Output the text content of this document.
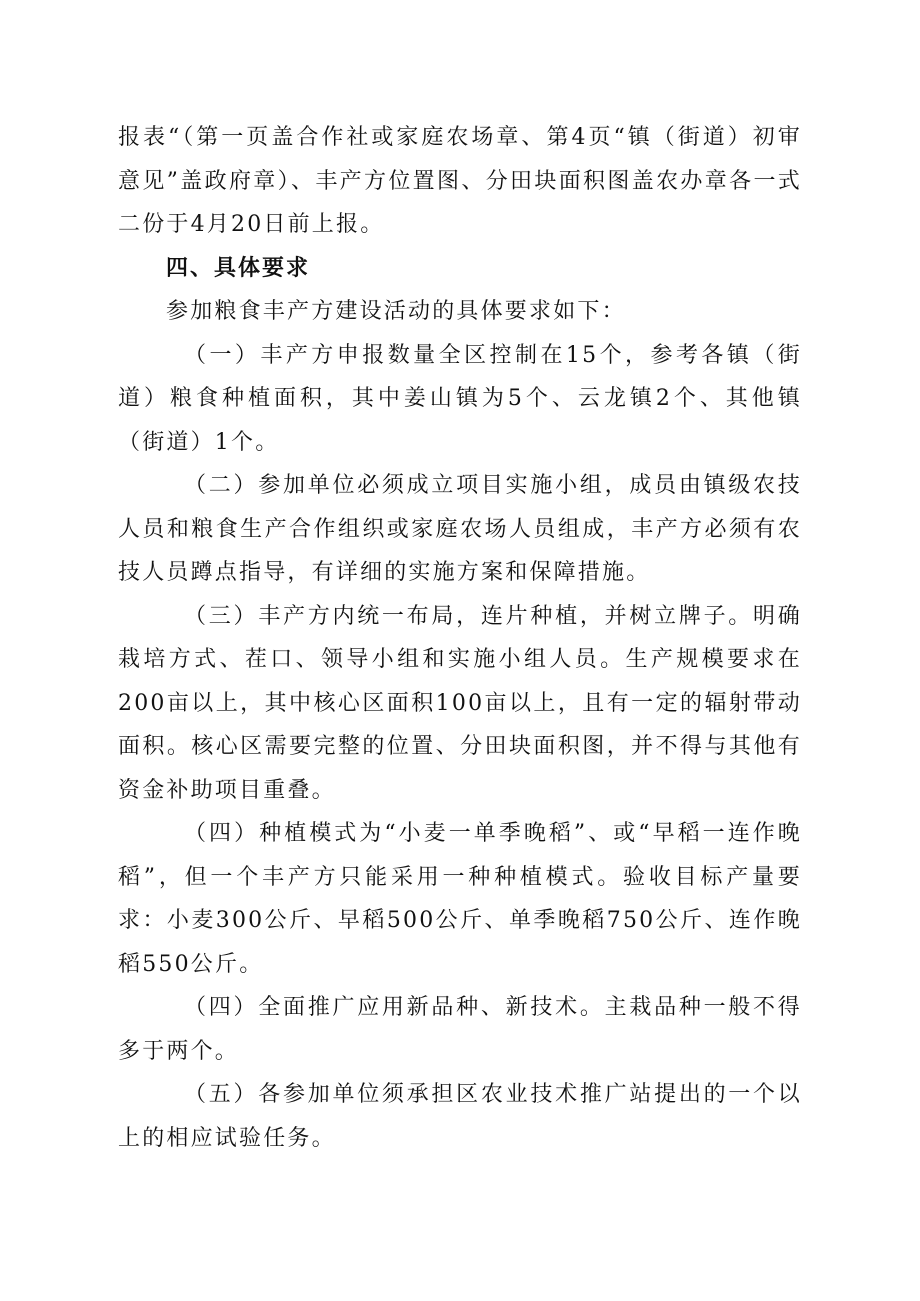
报表“（第一页盖合作社或家庭农场章、第4页“镇（街道）初审意见”盖政府章）、丰产方位置图、分田块面积图盖农办章各一式二份于4月20日前上报。

四、具体要求

参加粮食丰产方建设活动的具体要求如下：

（一）丰产方申报数量全区控制在15个，参考各镇（街道）粮食种植面积，其中姜山镇为5个、云龙镇2个、其他镇（街道）1个。

（二）参加单位必须成立项目实施小组，成员由镇级农技人员和粮食生产合作组织或家庭农场人员组成，丰产方必须有农技人员蹲点指导，有详细的实施方案和保障措施。

（三）丰产方内统一布局，连片种植，并树立牌子。明确栽培方式、茬口、领导小组和实施小组人员。生产规模要求在200亩以上，其中核心区面积100亩以上，且有一定的辐射带动面积。核心区需要完整的位置、分田块面积图，并不得与其他有资金补助项目重叠。

（四）种植模式为“小麦一单季晚稻”、或“早稻一连作晚稻”，但一个丰产方只能采用一种种植模式。验收目标产量要求：小麦300公斤、早稻500公斤、单季晚稻750公斤、连作晚稻550公斤。

（四）全面推广应用新品种、新技术。主栽品种一般不得多于两个。

（五）各参加单位须承担区农业技术推广站提出的一个以上的相应试验任务。
